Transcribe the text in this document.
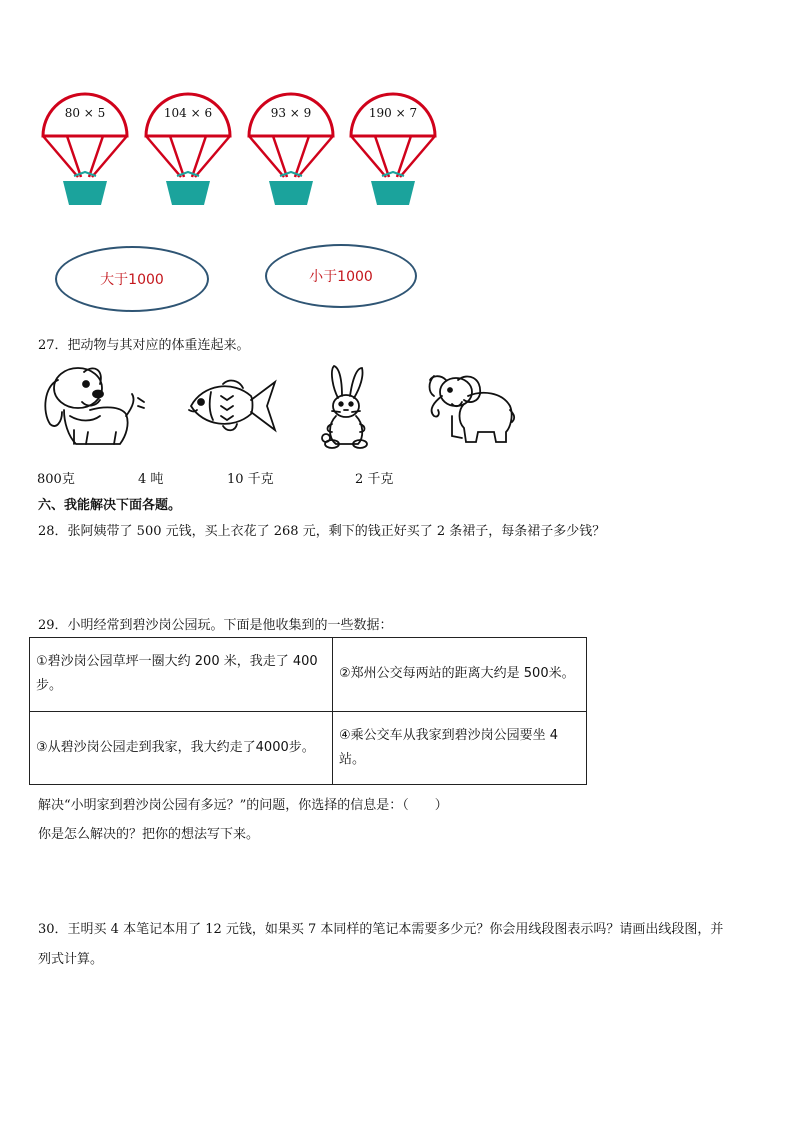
80 × 5	104 × 6	93 × 9	190 × 7
大于1000	小于1000
27．把动物与其对应的体重连起来。
800克	4 吨	10 千克	2 千克
六、我能解决下面各题。
28．张阿姨带了 500 元钱，买上衣花了 268 元，剩下的钱正好买了 2 条裙子，每条裙子多少钱？
29．小明经常到碧沙岗公园玩。下面是他收集到的一些数据：
①碧沙岗公园草坪一圈大约 200 米，我走了 400 步。	②郑州公交每两站的距离大约是 500米。
③从碧沙岗公园走到我家，我大约走了4000步。	④乘公交车从我家到碧沙岗公园要坐 4 站。
解决“小明家到碧沙岗公园有多远？”的问题，你选择的信息是：（　　）
你是怎么解决的？把你的想法写下来。
30．王明买 4 本笔记本用了 12 元钱，如果买 7 本同样的笔记本需要多少元？你会用线段图表示吗？请画出线段图，并
列式计算。
